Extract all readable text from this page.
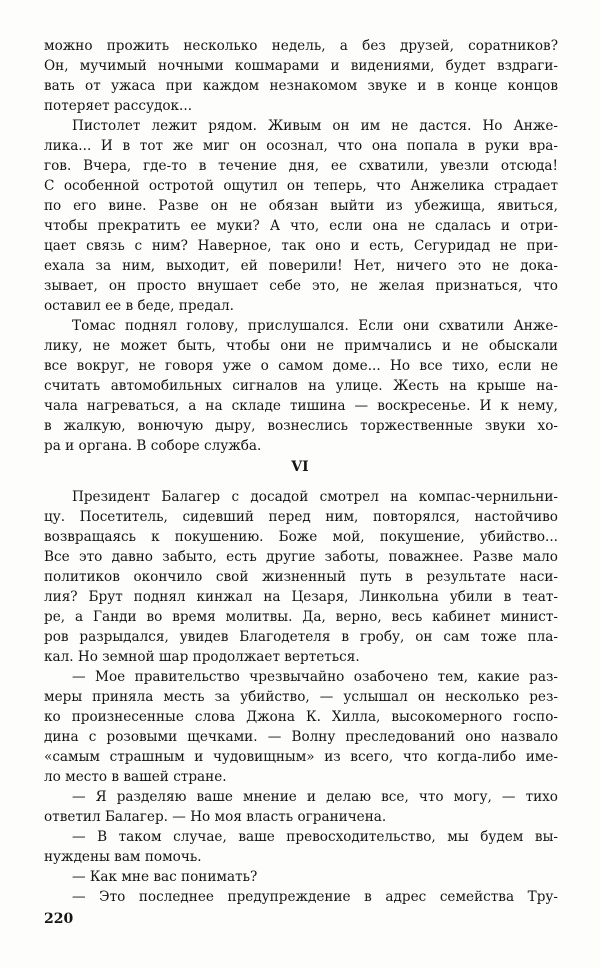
можно прожить несколько недель, а без друзей, соратников?
Он, мучимый ночными кошмарами и видениями, будет вздраги-
вать от ужаса при каждом незнакомом звуке и в конце концов
потеряет рассудок...

Пистолет лежит рядом. Живым он им не дастся. Но Анже-
лика... И в тот же миг он осознал, что она попала в руки вра-
гов. Вчера, где-то в течение дня, ее схватили, увезли отсюда!
С особенной остротой ощутил он теперь, что Анжелика страдает
по его вине. Разве он не обязан выйти из убежища, явиться,
чтобы прекратить ее муки? А что, если она не сдалась и отри-
цает связь с ним? Наверное, так оно и есть, Сегуридад не при-
ехала за ним, выходит, ей поверили! Нет, ничего это не дока-
зывает, он просто внушает себе это, не желая признаться, что
оставил ее в беде, предал.

Томас поднял голову, прислушался. Если они схватили Анже-
лику, не может быть, чтобы они не примчались и не обыскали
все вокруг, не говоря уже о самом доме... Но все тихо, если не
считать автомобильных сигналов на улице. Жесть на крыше на-
чала нагреваться, а на складе тишина — воскресенье. И к нему,
в жалкую, вонючую дыру, вознеслись торжественные звуки хо-
ра и органа. В соборе служба.

VI

Президент Балагер с досадой смотрел на компас-чернильни-
цу. Посетитель, сидевший перед ним, повторялся, настойчиво
возвращаясь к покушению. Боже мой, покушение, убийство...
Все это давно забыто, есть другие заботы, поважнее. Разве мало
политиков окончило свой жизненный путь в результате наси-
лия? Брут поднял кинжал на Цезаря, Линкольна убили в теат-
ре, а Ганди во время молитвы. Да, верно, весь кабинет минист-
ров разрыдался, увидев Благодетеля в гробу, он сам тоже пла-
кал. Но земной шар продолжает вертеться.

— Мое правительство чрезвычайно озабочено тем, какие раз-
меры приняла месть за убийство, — услышал он несколько рез-
ко произнесенные слова Джона К. Хилла, высокомерного госпо-
дина с розовыми щечками. — Волну преследований оно назвало
«самым страшным и чудовищным» из всего, что когда-либо име-
ло место в вашей стране.

— Я разделяю ваше мнение и делаю все, что могу, — тихо
ответил Балагер. — Но моя власть ограничена.

— В таком случае, ваше превосходительство, мы будем вы-
нуждены вам помочь.

— Как мне вас понимать?

— Это последнее предупреждение в адрес семейства Тру-

220
